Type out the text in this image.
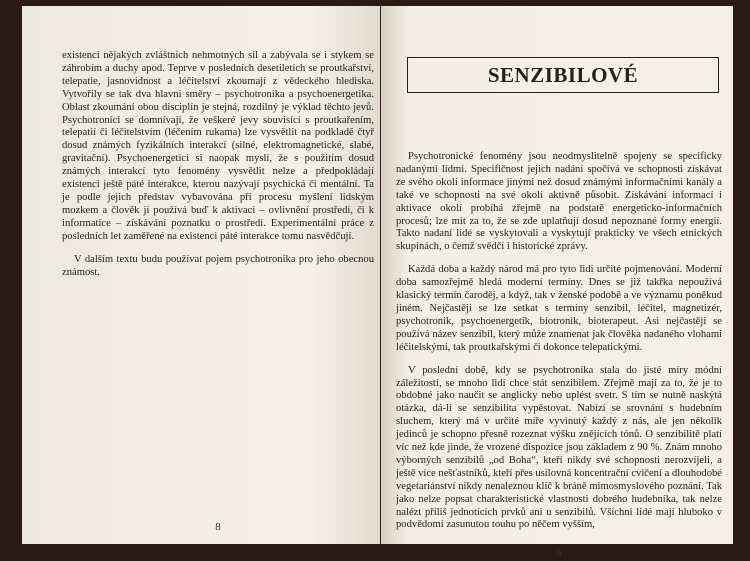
existenci nějakých zvláštních nehmotných sil a zabývala se i stykem se záhrobím a duchy apod. Teprve v posledních desetiletích se proutkařství, telepatie, jasnovidnost a léčitelství zkoumají z vědeckého hlediska. Vytvořily se tak dva hlavní směry – psychotronika a psychoenergetika. Oblast zkoumání obou disciplín je stejná, rozdílný je výklad těchto jevů. Psychotronici se domnívají, že veškeré jevy souvisící s proutkařením, telepatií či léčitelstvím (léčením rukama) lze vysvětlit na podkladě čtyř dosud známých fyzikálních interakcí (silné, elektromagnetické, slabé, gravitační). Psychoenergetici si naopak myslí, že s použitím dosud známých interakcí tyto fenomény vysvětlit nelze a předpokládají existenci ještě páté interakce, kterou nazývají psychická či mentální. Ta je podle jejich představ vybavována při procesu myšlení lidským mozkem a člověk ji používá buď k aktivaci – ovlivnění prostředí, či k informatice – získávání poznatku o prostředí. Experimentální práce z posledních let zaměřené na existenci páté interakce tomu nasvědčují.

V dalším textu budu používat pojem psychotronika pro jeho obecnou známost.

8
SENZIBILOVÉ

Psychotronické fenomény jsou neodmyslitelně spojeny se specificky nadanými lidmi. Specifičnost jejich nadání spočívá ve schopnosti získávat ze svého okolí informace jinými než dosud známými informačními kanály a také ve schopnosti na své okolí aktivně působit. Získávání informací i aktivace okolí probíhá zřejmě na podstatě energeticko-informačních procesů; lze mít za to, že se zde uplatňují dosud nepoznané formy energií. Takto nadaní lidé se vyskytovali a vyskytují prakticky ve všech etnických skupinách, o čemž svědčí i historické zprávy.

Každá doba a každý národ má pro tyto lidi určité pojmenování. Moderní doba samozřejmě hledá moderní termíny. Dnes se již takřka nepoužívá klasický termín čaroděj, a když, tak v ženské podobě a ve významu poněkud jiném. Nejčastěji se lze setkat s termíny senzibil, léčitel, magnetizér, psychotronik, psychoenergetik, biotronik, bioterapeut. Asi nejčastěji se používá název senzibil, který může znamenat jak člověka nadaného vlohami léčitelskými, tak proutkařskými či dokonce telepatickými.

V poslední době, kdy se psychotronika stala do jisté míry módní záležitostí, se mnoho lidí chce stát senzibilem. Zřejmě mají za to, že je to obdobné jako naučit se anglicky nebo uplést svetr. S tím se nutně naskýtá otázka, dá-li se senzibilita vypěstovat. Nabízí se srovnání s hudebním sluchem, který má v určité míře vyvinutý každý z nás, ale jen několik jedinců je schopno přesně rozeznat výšku znějících tónů. O senzibilitě platí víc než kde jinde, že vrozené dispozice jsou základem z 90 %. Znám mnoho výborných senzibilů „od Boha“, kteří nikdy své schopnosti nerozvíjeli, a ještě více nešťastníků, kteří přes usilovná koncentrační cvičení a dlouhodobé vegetariánství nikdy nenaleznou klíč k bráně mimosmyslového poznání. Tak jako nelze popsat charakteristické vlastnosti dobrého hudebníka, tak nelze nalézt příliš jednotících prvků ani u senzibilů. Všichni lidé mají hluboko v podvědomí zasunutou touhu po něčem vyšším,

9
